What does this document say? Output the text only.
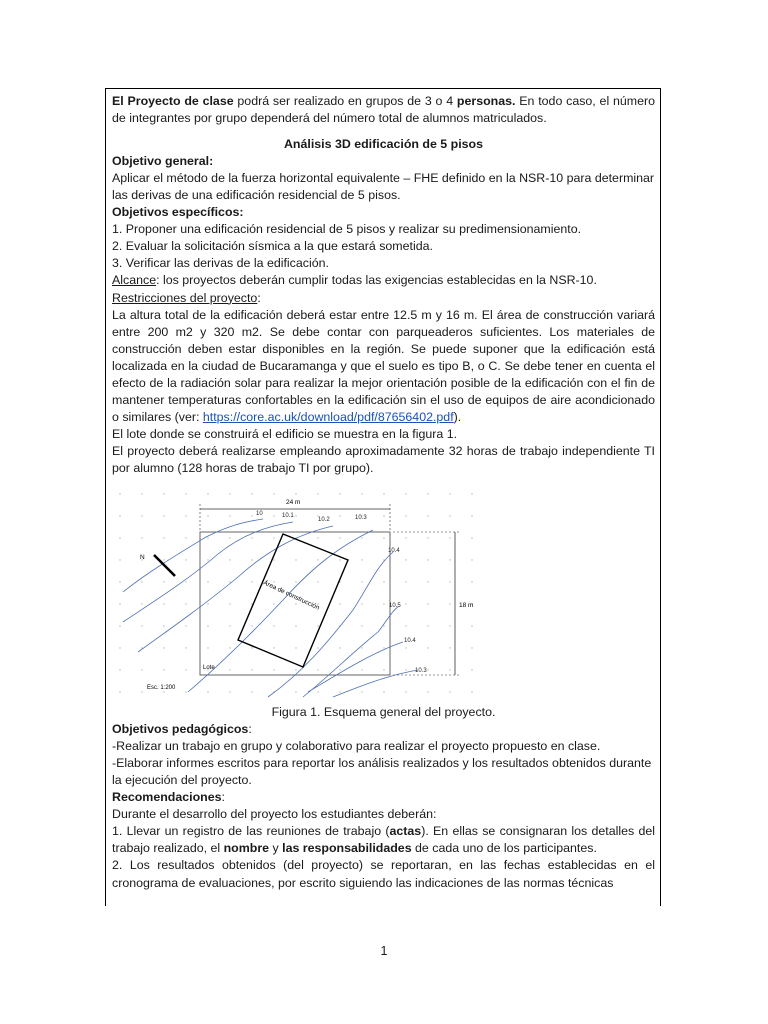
El Proyecto de clase podrá ser realizado en grupos de 3 o 4 personas. En todo caso, el número de integrantes por grupo dependerá del número total de alumnos matriculados.

Análisis 3D edificación de 5 pisos

Objetivo general:

Aplicar el método de la fuerza horizontal equivalente – FHE definido en la NSR-10 para determinar las derivas de una edificación residencial de 5 pisos.

Objetivos específicos:

1. Proponer una edificación residencial de 5 pisos y realizar su predimensionamiento.

2. Evaluar la solicitación sísmica a la que estará sometida.

3. Verificar las derivas de la edificación.

Alcance: los proyectos deberán cumplir todas las exigencias establecidas en la NSR-10.

Restricciones del proyecto:

La altura total de la edificación deberá estar entre 12.5 m y 16 m. El área de construcción variará entre 200 m2 y 320 m2. Se debe contar con parqueaderos suficientes. Los materiales de construcción deben estar disponibles en la región. Se puede suponer que la edificación está localizada en la ciudad de Bucaramanga y que el suelo es tipo B, o C. Se debe tener en cuenta el efecto de la radiación solar para realizar la mejor orientación posible de la edificación con el fin de mantener temperaturas confortables en la edificación sin el uso de equipos de aire acondicionado o similares (ver: https://core.ac.uk/download/pdf/87656402.pdf).

El lote donde se construirá el edificio se muestra en la figura 1.

El proyecto deberá realizarse empleando aproximadamente 32 horas de trabajo independiente TI por alumno (128 horas de trabajo TI por grupo).

24 m
18 m
10	10.1
10.2	10.3
10.4
10.5
10.4
10.3
Área de construcción
N
Lote
Esc. 1:200

Figura 1. Esquema general del proyecto.

Objetivos pedagógicos:

-Realizar un trabajo en grupo y colaborativo para realizar el proyecto propuesto en clase.

-Elaborar informes escritos para reportar los análisis realizados y los resultados obtenidos durante la ejecución del proyecto.

Recomendaciones:

Durante el desarrollo del proyecto los estudiantes deberán:

1. Llevar un registro de las reuniones de trabajo (actas). En ellas se consignaran los detalles del trabajo realizado, el nombre y las responsabilidades de cada uno de los participantes.

2. Los resultados obtenidos (del proyecto) se reportaran, en las fechas establecidas en el cronograma de evaluaciones, por escrito siguiendo las indicaciones de las normas técnicas

1
